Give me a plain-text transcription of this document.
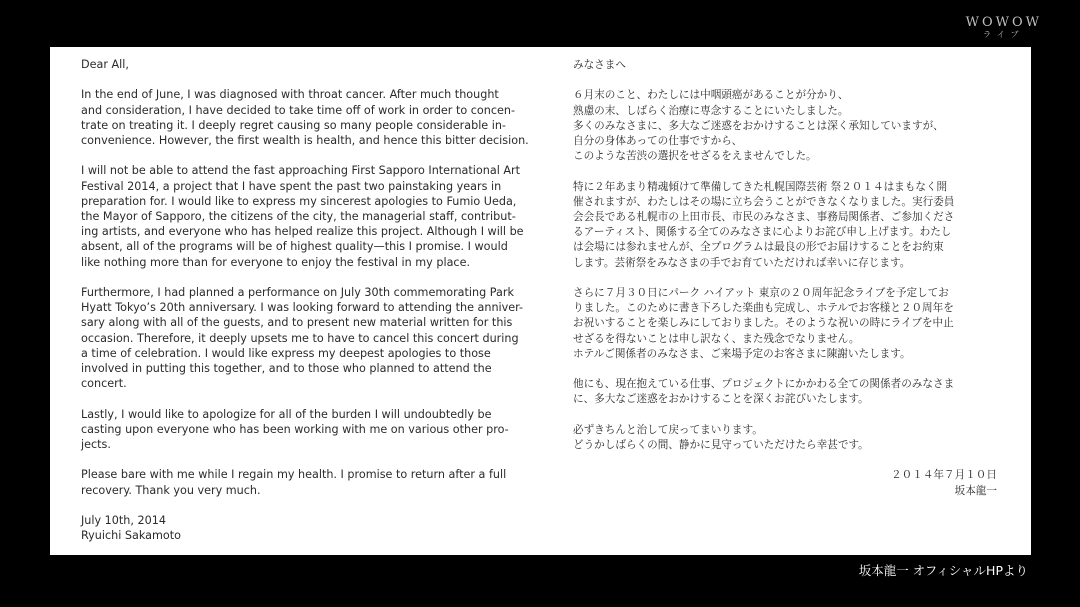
WOWOW
ライブ

Dear All,

In the end of June, I was diagnosed with throat cancer. After much thought
and consideration, I have decided to take time off of work in order to concen-
trate on treating it. I deeply regret causing so many people considerable in-
convenience. However, the first wealth is health, and hence this bitter decision.

I will not be able to attend the fast approaching First Sapporo International Art
Festival 2014, a project that I have spent the past two painstaking years in
preparation for. I would like to express my sincerest apologies to Fumio Ueda,
the Mayor of Sapporo, the citizens of the city, the managerial staff, contribut-
ing artists, and everyone who has helped realize this project. Although I will be
absent, all of the programs will be of highest quality—this I promise. I would
like nothing more than for everyone to enjoy the festival in my place.

Furthermore, I had planned a performance on July 30th commemorating Park
Hyatt Tokyo’s 20th anniversary. I was looking forward to attending the anniver-
sary along with all of the guests, and to present new material written for this
occasion. Therefore, it deeply upsets me to have to cancel this concert during
a time of celebration. I would like express my deepest apologies to those
involved in putting this together, and to those who planned to attend the
concert.

Lastly, I would like to apologize for all of the burden I will undoubtedly be
casting upon everyone who has been working with me on various other pro-
jects.

Please bare with me while I regain my health. I promise to return after a full
recovery. Thank you very much.

July 10th, 2014

Ryuichi Sakamoto

みなさまへ

６月末のこと、わたしには中咽頭癌があることが分かり、
熟慮の末、しばらく治療に専念することにいたしました。
多くのみなさまに、多大なご迷惑をおかけすることは深く承知していますが、
自分の身体あっての仕事ですから、
このような苦渋の選択をせざるをえませんでした。

特に２年あまり精魂傾けて準備してきた札幌国際芸術 祭２０１４はまもなく開
催されますが、わたしはその場に立ち会うことができなくなりました。実行委員
会会長である札幌市の上田市長、市民のみなさま、事務局関係者、ご参加くださ
るアーティスト、関係する全てのみなさまに心よりお詫び申し上げます。わたし
は会場には参れませんが、全プログラムは最良の形でお届けすることをお約束
します。芸術祭をみなさまの手でお育ていただければ幸いに存じます。

さらに７月３０日にパーク ハイアット 東京の２０周年記念ライブを予定してお
りました。このために書き下ろした楽曲も完成し、ホテルでお客様と２０周年を
お祝いすることを楽しみにしておりました。そのような祝いの時にライブを中止
せざるを得ないことは申し訳なく、また残念でなりません。
ホテルご関係者のみなさま、ご来場予定のお客さまに陳謝いたします。

他にも、現在抱えている仕事、プロジェクトにかかわる全ての関係者のみなさま
に、多大なご迷惑をおかけすることを深くお詫びいたします。

必ずきちんと治して戻ってまいります。
どうかしばらくの間、静かに見守っていただけたら幸甚です。

２０１４年７月１０日

坂本龍一

坂本龍一 オフィシャルHPより
